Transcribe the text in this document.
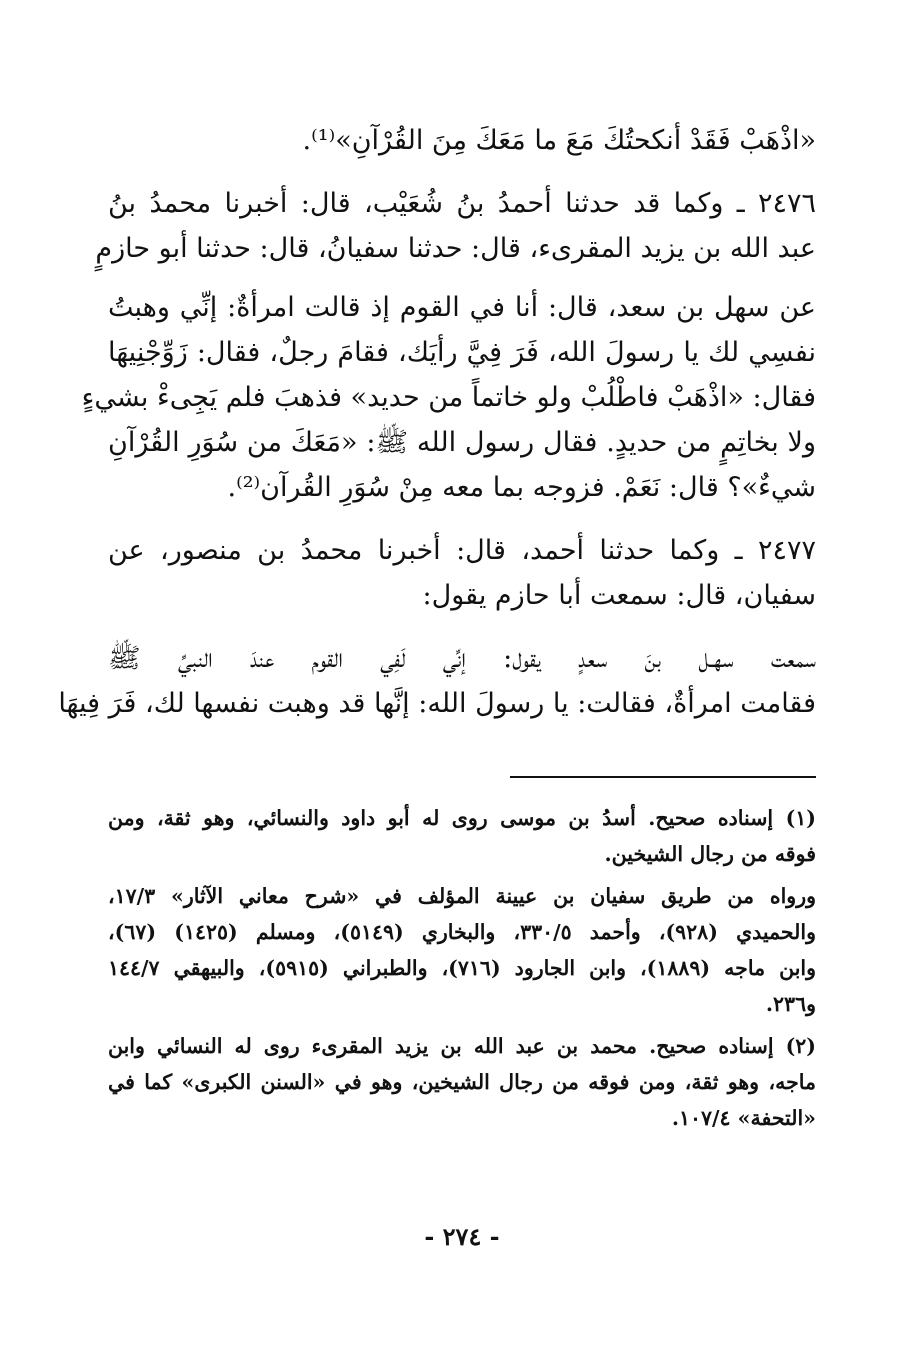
«اذْهَبْ فَقَدْ أنكحتُكَ مَعَ ما مَعَكَ مِنَ القُرْآنِ»⁽¹⁾.

٢٤٧٦ ـ وكما قد حدثنا أحمدُ بنُ شُعَيْب، قال: أخبرنا محمدُ بنُ
عبد الله بن يزيد المقرىء، قال: حدثنا سفيانُ، قال: حدثنا أبو حازمٍ

عن سهل بن سعد، قال: أنا في القوم إذ قالت امرأةٌ: إنِّي وهبتُ
نفسِي لك يا رسولَ الله، فَرَ فِيَّ رأيَك، فقامَ رجلٌ، فقال: زَوِّجْنِيهَا
فقال: «اذْهَبْ فاطْلُبْ ولو خاتماً من حديد» فذهبَ فلم يَجِىءْ بشيءٍ
ولا بخاتِمٍ من حديدٍ. فقال رسول الله ﷺ: «مَعَكَ من سُوَرِ القُرْآنِ
شيءٌ»؟ قال: نَعَمْ. فزوجه بما معه مِنْ سُوَرِ القُرآن⁽²⁾.

٢٤٧٧ ـ وكما حدثنا أحمد، قال: أخبرنا محمدُ بن منصور، عن
سفيان، قال: سمعت أبا حازم يقول:

سمعت سهـل بنَ سعدٍ يقول: إنِّي لَفِي القوم عندَ النبيِّ ﷺ
فقامت امرأةٌ، فقالت: يا رسولَ الله: إنَّها قد وهبت نفسها لك، فَرَ فِيهَا

(١) إسناده صحيح. أسدُ بن موسى روى له أبو داود والنسائي، وهو ثقة، ومن
فوقه من رجال الشيخين.

ورواه من طريق سفيان بن عيينة المؤلف في «شرح معاني الآثار» ١٧/٣،
والحميدي (٩٢٨)، وأحمد ٣٣٠/٥، والبخاري (٥١٤٩)، ومسلم (١٤٢٥) (٦٧)،
وابن ماجه (١٨٨٩)، وابن الجارود (٧١٦)، والطبراني (٥٩١٥)، والبيهقي ١٤٤/٧
و٢٣٦.

(٢) إسناده صحيح. محمد بن عبد الله بن يزيد المقرىء روى له النسائي وابن
ماجه، وهو ثقة، ومن فوقه من رجال الشيخين، وهو في «السنن الكبرى» كما في
«التحفة» ١٠٧/٤.

- ٢٧٤ -
